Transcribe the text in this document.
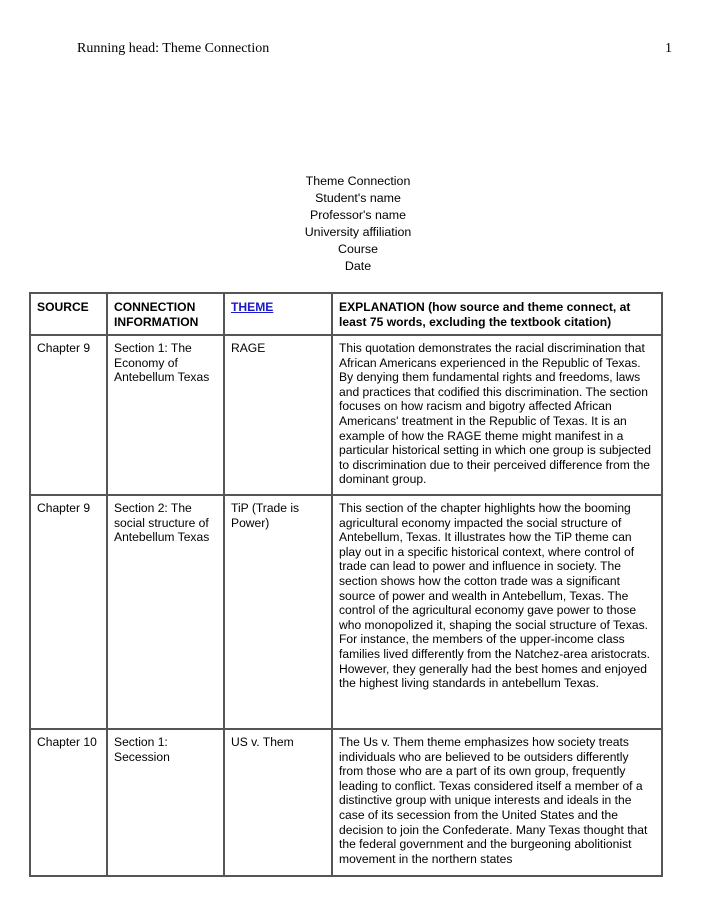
Running head: Theme Connection	1
Theme Connection
Student's name
Professor's name
University affiliation
Course
Date
SOURCE	CONNECTION INFORMATION	THEME	EXPLANATION (how source and theme connect, at least 75 words, excluding the textbook citation)
Chapter 9	Section 1: The Economy of Antebellum Texas	RAGE	This quotation demonstrates the racial discrimination that African Americans experienced in the Republic of Texas. By denying them fundamental rights and freedoms, laws and practices that codified this discrimination. The section focuses on how racism and bigotry affected African Americans' treatment in the Republic of Texas. It is an example of how the RAGE theme might manifest in a particular historical setting in which one group is subjected to discrimination due to their perceived difference from the dominant group.
Chapter 9	Section 2: The social structure of Antebellum Texas	TiP (Trade is Power)	This section of the chapter highlights how the booming agricultural economy impacted the social structure of Antebellum, Texas. It illustrates how the TiP theme can play out in a specific historical context, where control of trade can lead to power and influence in society. The section shows how the cotton trade was a significant source of power and wealth in Antebellum, Texas. The control of the agricultural economy gave power to those who monopolized it, shaping the social structure of Texas. For instance, the members of the upper-income class families lived differently from the Natchez-area aristocrats. However, they generally had the best homes and enjoyed the highest living standards in antebellum Texas.
Chapter 10	Section 1: Secession	US v. Them	The Us v. Them theme emphasizes how society treats individuals who are believed to be outsiders differently from those who are a part of its own group, frequently leading to conflict. Texas considered itself a member of a distinctive group with unique interests and ideals in the case of its secession from the United States and the decision to join the Confederate. Many Texas thought that the federal government and the burgeoning abolitionist movement in the northern states
